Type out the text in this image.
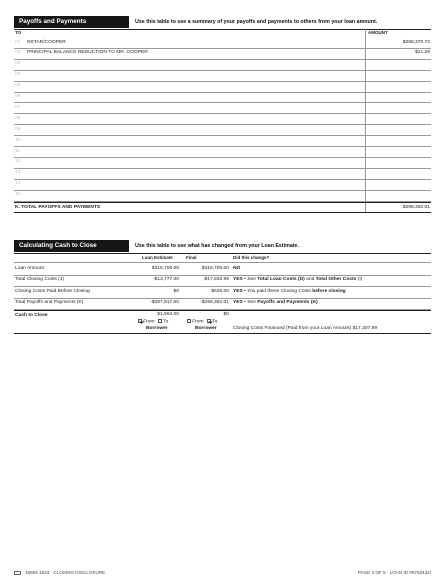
Payoffs and Payments	Use this table to see a summary of your payoffs and payments to others from your loan amount.
TO	AMOUNT
01 NSTAR/COOPER	$298,370.72
02 PRINCIPAL BALANCE REDUCTION TO MR. COOPER	$21.29
03
04
05
06
07
08
09
10
11
12
13
14
15
K. TOTAL PAYOFFS AND PAYMENTS	$298,392.01
Calculating Cash to Close	Use this table to see what has changed from your Loan Estimate.
Loan Estimate	Final	Did this change?
Loan Amount	$315,700.00	$315,700.00 NO
Total Closing Costs (J)	-$13,777.00	-$17,932.99 YES • See Total Loan Costs (D) and Total Other Costs (I)
Closing Costs Paid Before Closing	$0	$625.00 YES • You paid these Closing Costs before closing
Total Payoffs and Payments (K)	-$297,917.00	-$298,392.01 YES • See Payoffs and Payments (K)
Cash to Close	$1,594.00	$0
From To
Borrower
From To
Borrower	Closing Costs Financed (Paid from your Loan Amount) $17,307.99
18566.1633 · CLOSING DISCLOSURE	PAGE 3 OF 5 · LOAN ID #8763432I
